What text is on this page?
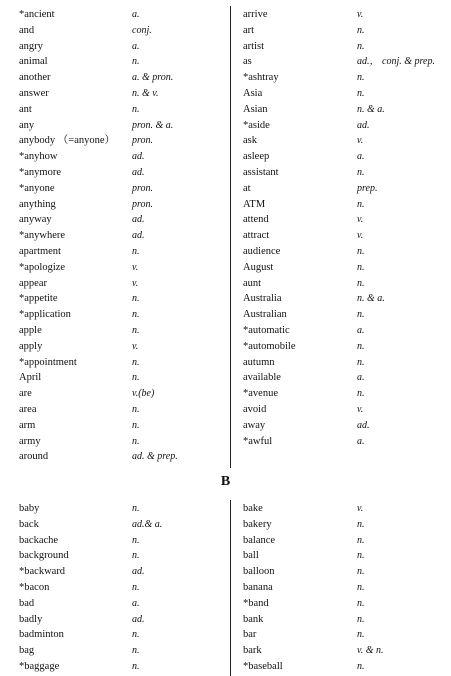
*ancient	a.
and	conj.
angry	a.
animal	n.
another	a. & pron.
answer	n. & v.
ant	n.
any	pron. & a.
anybody （=anyone） pron.
*anyhow	ad.
*anymore	ad.
*anyone	pron.
anything	pron.
anyway	ad.
*anywhere	ad.
apartment	n.
*apologize	v.
appear	v.
*appetite	n.
*application	n.
apple	n.
apply	v.
*appointment	n.
April	n.
are	v.(be)
area	n.
arm	n.
army	n.
around	ad. & prep.
arrive	v.
art	n.
artist	n.
as	ad.， conj. & prep.
*ashtray	n.
Asia	n.
Asian	n. & a.
*aside	ad.
ask	v.
asleep	a.
assistant	n.
at	prep.
ATM	n.
attend	v.
attract	v.
audience	n.
August	n.
aunt	n.
Australia	n. & a.
Australian	n.
*automatic	a.
*automobile	n.
autumn	n.
available	a.
*avenue	n.
avoid	v.
away	ad.
*awful	a.
B
baby	n.
back	ad.& a.
backache	n.
background	n.
*backward	ad.
*bacon	n.
bad	a.
badly	ad.
badminton	n.
bag	n.
*baggage	n.
bake	v.
bakery	n.
balance	n.
ball	n.
balloon	n.
banana	n.
*band	n.
bank	n.
bar	n.
bark	v. & n.
*baseball	n.
